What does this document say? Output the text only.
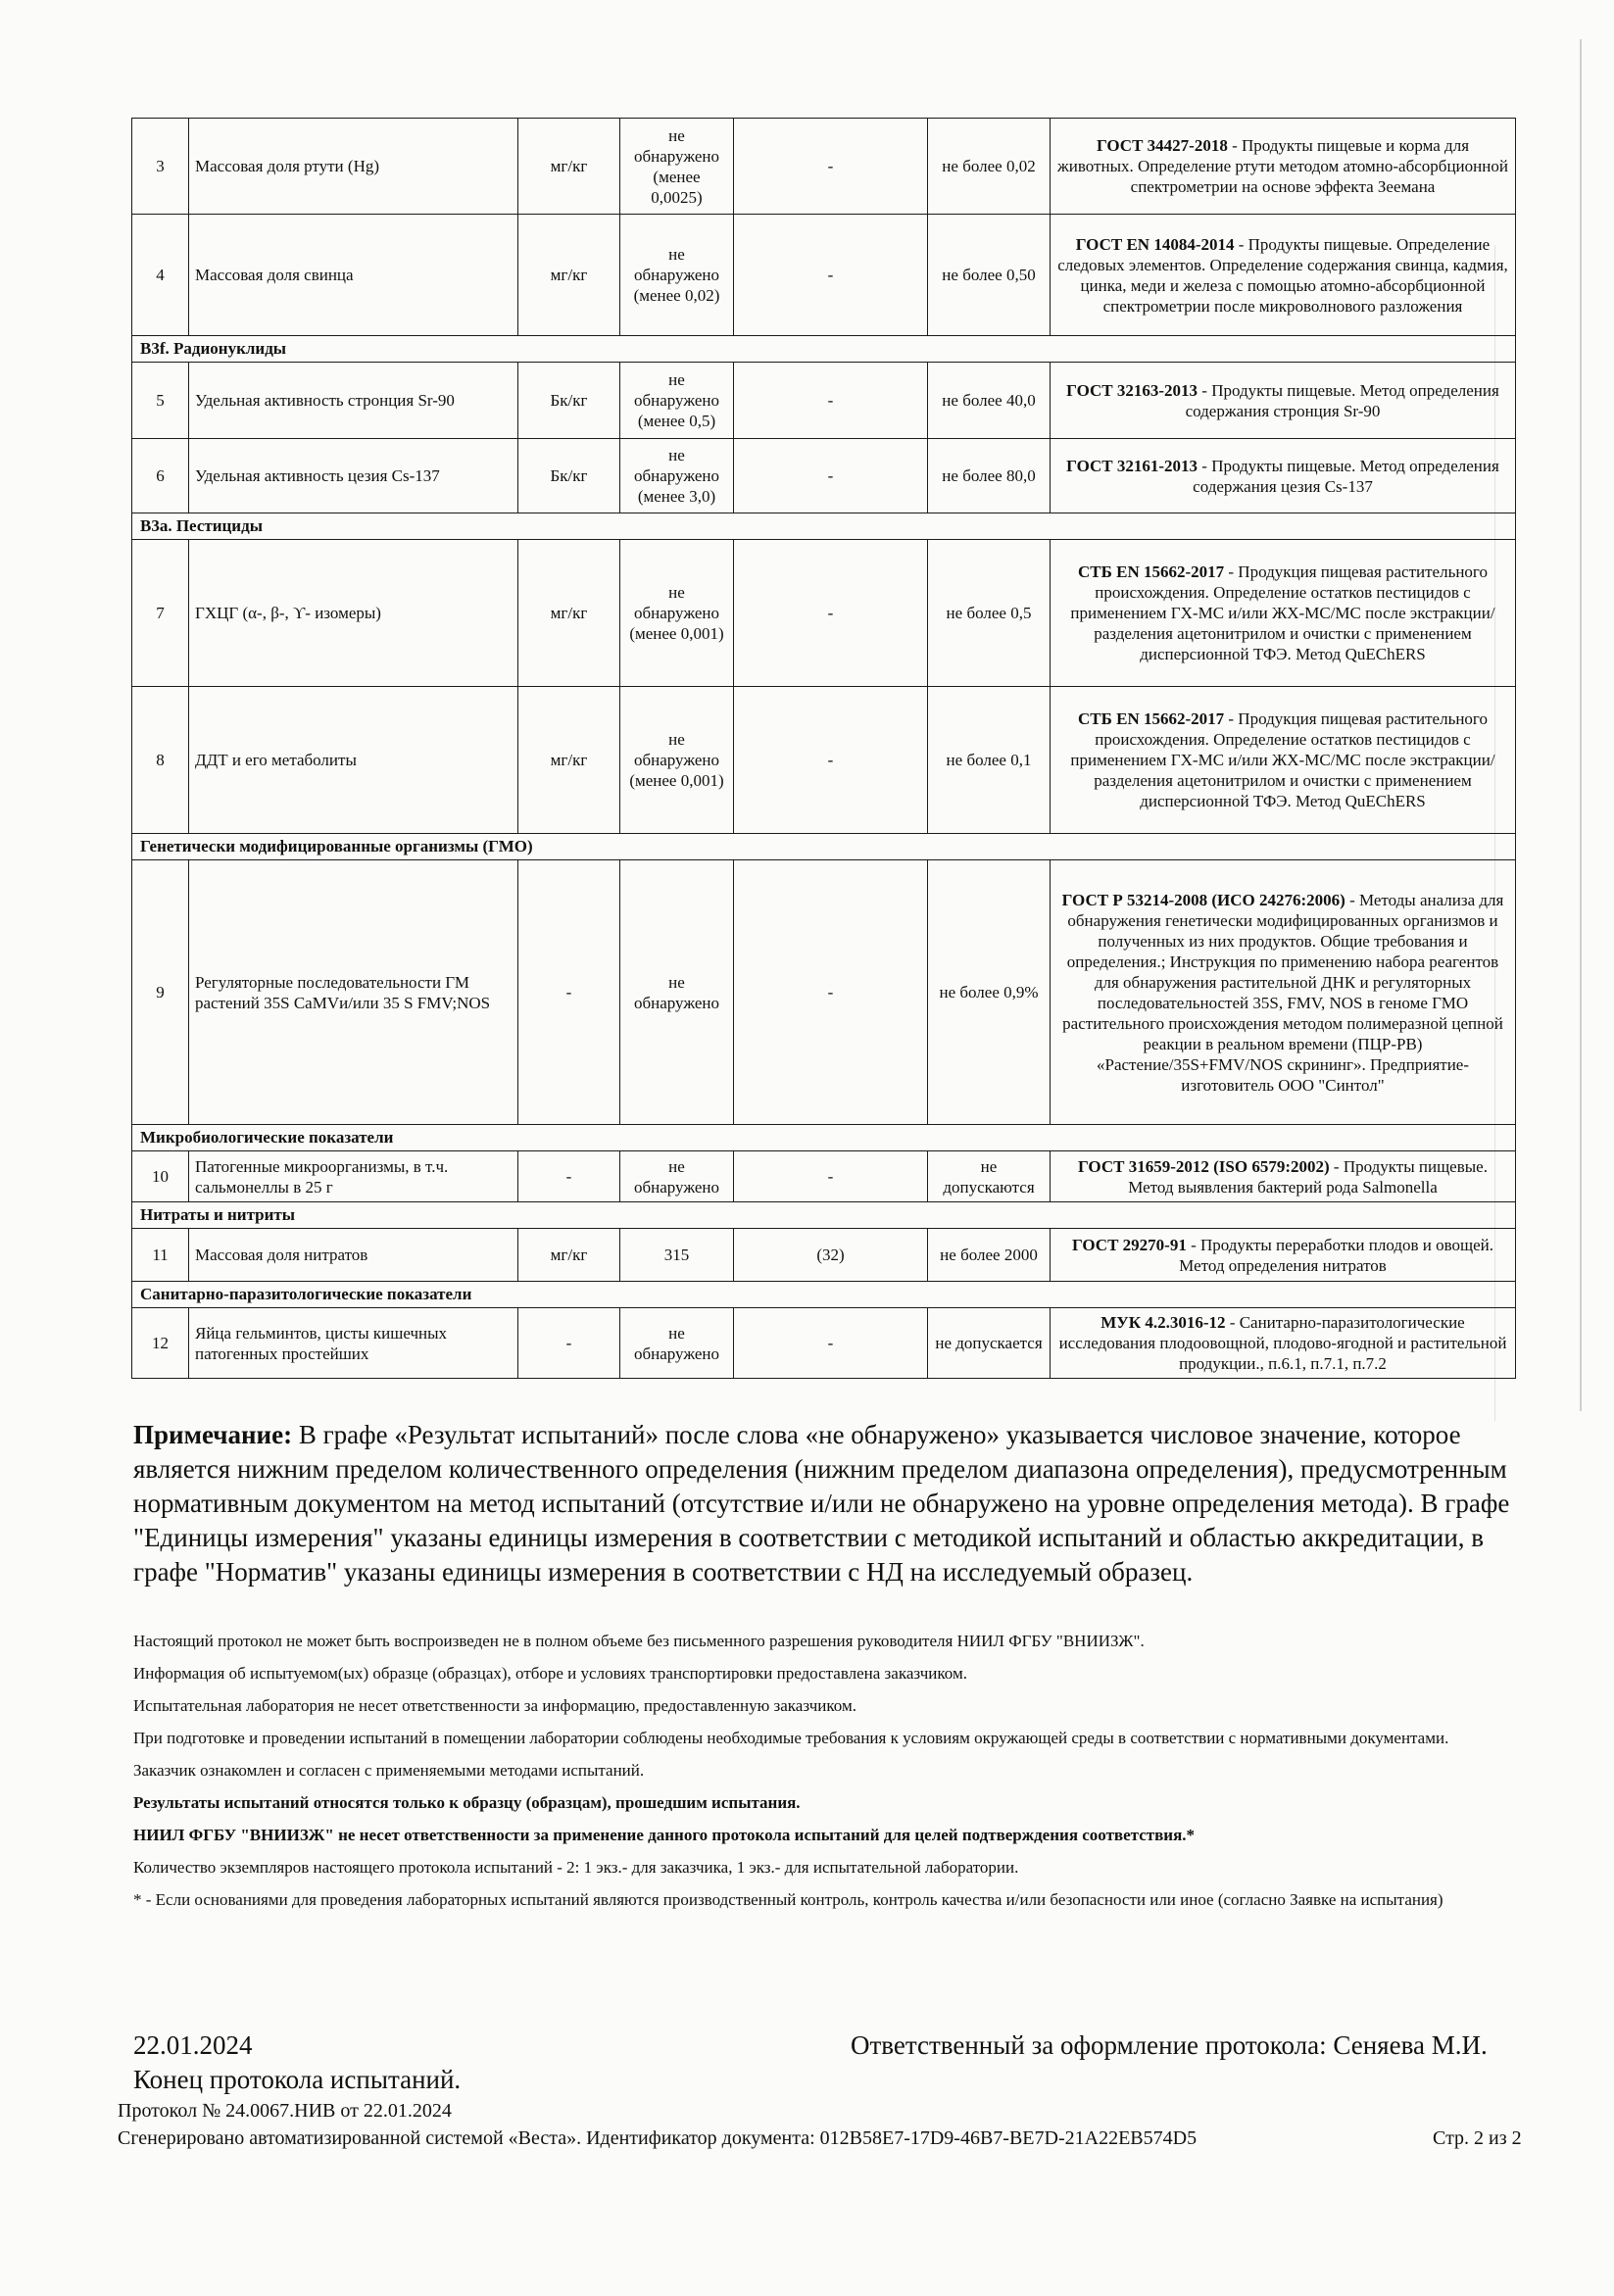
3	Массовая доля ртути (Hg)	мг/кг	не обнаружено (менее 0,0025)	-	не более 0,02	ГОСТ 34427-2018 - Продукты пищевые и корма для животных. Определение ртути методом атомно-абсорбционной спектрометрии на основе эффекта Зеемана
4	Массовая доля свинца	мг/кг	не обнаружено (менее 0,02)	-	не более 0,50	ГОСТ EN 14084-2014 - Продукты пищевые. Определение следовых элементов. Определение содержания свинца, кадмия, цинка, меди и железа с помощью атомно-абсорбционной спектрометрии после микроволнового разложения
В3f. Радионуклиды						
5	Удельная активность стронция Sr-90	Бк/кг	не обнаружено (менее 0,5)	-	не более 40,0	ГОСТ 32163-2013 - Продукты пищевые. Метод определения содержания стронция Sr-90
6	Удельная активность цезия Cs-137	Бк/кг	не обнаружено (менее 3,0)	-	не более 80,0	ГОСТ 32161-2013 - Продукты пищевые. Метод определения содержания цезия Cs-137
В3а. Пестициды						
7	ГХЦГ (α-, β-, ϒ- изомеры)	мг/кг	не обнаружено (менее 0,001)	-	не более 0,5	СТБ EN 15662-2017 - Продукция пищевая растительного происхождения. Определение остатков пестицидов с применением ГХ-МС и/или ЖХ-МС/МС после экстракции/разделения ацетонитрилом и очистки с применением дисперсионной ТФЭ. Метод QuEChERS
8	ДДТ и его метаболиты	мг/кг	не обнаружено (менее 0,001)	-	не более 0,1	СТБ EN 15662-2017 - Продукция пищевая растительного происхождения. Определение остатков пестицидов с применением ГХ-МС и/или ЖХ-МС/МС после экстракции/разделения ацетонитрилом и очистки с применением дисперсионной ТФЭ. Метод QuEChERS
Генетически модифицированные организмы (ГМО)						
9	Регуляторные последовательности ГМ растений 35S CaMVи/или 35 S FMV;NOS	-	не обнаружено	-	не более 0,9%	ГОСТ Р 53214-2008 (ИСО 24276:2006) - Методы анализа для обнаружения генетически модифицированных организмов и полученных из них продуктов. Общие требования и определения.; Инструкция по применению набора реагентов для обнаружения растительной ДНК и регуляторных последовательностей 35S, FMV, NOS в геноме ГМО растительного происхождения методом полимеразной цепной реакции в реальном времени (ПЦР-РВ) «Растение/35S+FMV/NOS скрининг». Предприятие-изготовитель ООО "Синтол"
Микробиологические показатели						
10	Патогенные микроорганизмы, в т.ч. сальмонеллы в 25 г	-	не обнаружено	-	не допускаются	ГОСТ 31659-2012 (ISO 6579:2002) - Продукты пищевые. Метод выявления бактерий рода Salmonella
Нитраты и нитриты						
11	Массовая доля нитратов	мг/кг	315	(32)	не более 2000	ГОСТ 29270-91 - Продукты переработки плодов и овощей. Метод определения нитратов
Санитарно-паразитологические показатели						
12	Яйца гельминтов, цисты кишечных патогенных простейших	-	не обнаружено	-	не допускается	МУК 4.2.3016-12 - Санитарно-паразитологические исследования плодоовощной, плодово-ягодной и растительной продукции., п.6.1, п.7.1, п.7.2
Примечание: В графе «Результат испытаний» после слова «не обнаружено» указывается числовое значение, которое является нижним пределом количественного определения (нижним пределом диапазона определения), предусмотренным нормативным документом на метод испытаний (отсутствие и/или не обнаружено на уровне определения метода). В графе "Единицы измерения" указаны единицы измерения в соответствии с методикой испытаний и областью аккредитации, в графе "Норматив" указаны единицы измерения в соответствии с НД на исследуемый образец.

Настоящий протокол не может быть воспроизведен не в полном объеме без письменного разрешения руководителя НИИЛ ФГБУ "ВНИИЗЖ".

Информация об испытуемом(ых) образце (образцах), отборе и условиях транспортировки предоставлена заказчиком.

Испытательная лаборатория не несет ответственности за информацию, предоставленную заказчиком.

При подготовке и проведении испытаний в помещении лаборатории соблюдены необходимые требования к условиям окружающей среды в соответствии с нормативными документами.

Заказчик ознакомлен и согласен с применяемыми методами испытаний.

Результаты испытаний относятся только к образцу (образцам), прошедшим испытания.

НИИЛ ФГБУ "ВНИИЗЖ" не несет ответственности за применение данного протокола испытаний для целей подтверждения соответствия.*

Количество экземпляров настоящего протокола испытаний - 2: 1 экз.- для заказчика, 1 экз.- для испытательной лаборатории.

* - Если основаниями для проведения лабораторных испытаний являются производственный контроль, контроль качества и/или безопасности или иное (согласно Заявке на испытания)

22.01.2024
Конец протокола испытаний.
Ответственный за оформление протокола: Сеняева М.И.
Протокол № 24.0067.НИВ от 22.01.2024
Сгенерировано автоматизированной системой «Веста». Идентификатор документа: 012B58E7-17D9-46B7-BE7D-21A22EB574D5	Стр. 2 из 2
